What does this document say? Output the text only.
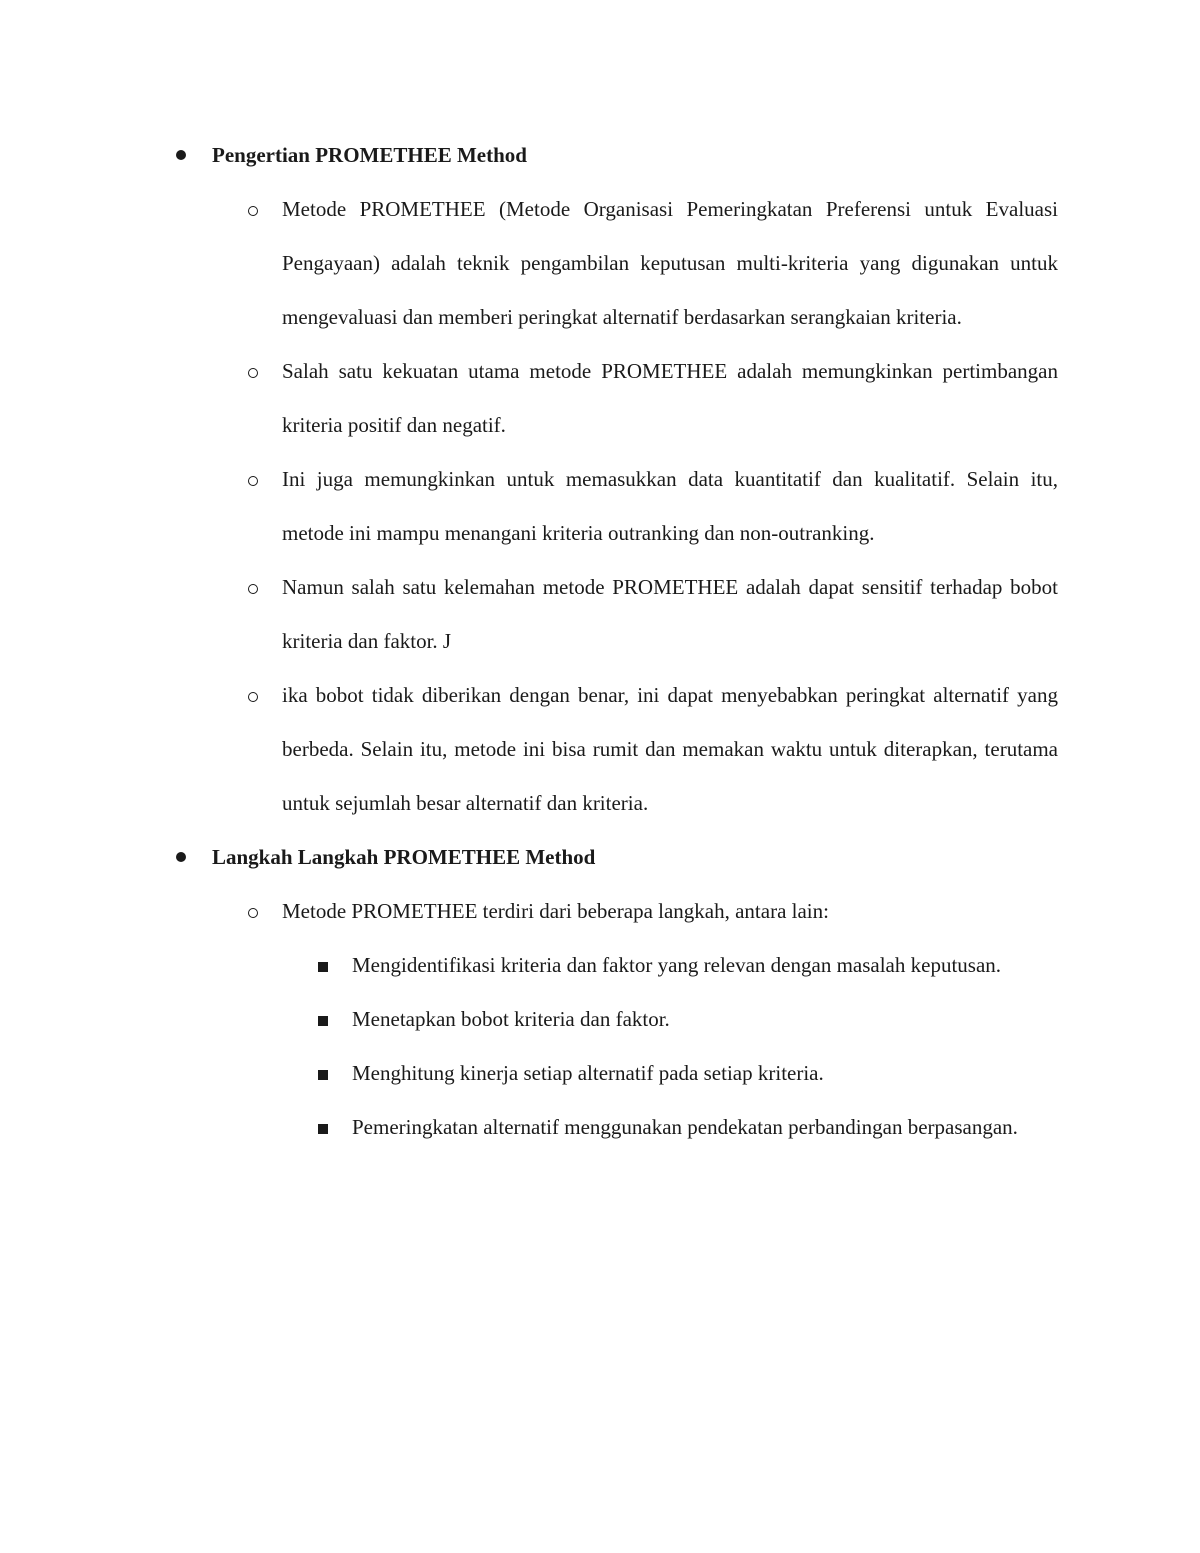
Pengertian PROMETHEE Method
Metode PROMETHEE (Metode Organisasi Pemeringkatan Preferensi untuk Evaluasi Pengayaan) adalah teknik pengambilan keputusan multi-kriteria yang digunakan untuk mengevaluasi dan memberi peringkat alternatif berdasarkan serangkaian kriteria.
Salah satu kekuatan utama metode PROMETHEE adalah memungkinkan pertimbangan kriteria positif dan negatif.
Ini juga memungkinkan untuk memasukkan data kuantitatif dan kualitatif. Selain itu, metode ini mampu menangani kriteria outranking dan non-outranking.
Namun salah satu kelemahan metode PROMETHEE adalah dapat sensitif terhadap bobot kriteria dan faktor. J
ika bobot tidak diberikan dengan benar, ini dapat menyebabkan peringkat alternatif yang berbeda. Selain itu, metode ini bisa rumit dan memakan waktu untuk diterapkan, terutama untuk sejumlah besar alternatif dan kriteria.
Langkah Langkah PROMETHEE Method
Metode PROMETHEE terdiri dari beberapa langkah, antara lain:
Mengidentifikasi kriteria dan faktor yang relevan dengan masalah keputusan.
Menetapkan bobot kriteria dan faktor.
Menghitung kinerja setiap alternatif pada setiap kriteria.
Pemeringkatan alternatif menggunakan pendekatan perbandingan berpasangan.
